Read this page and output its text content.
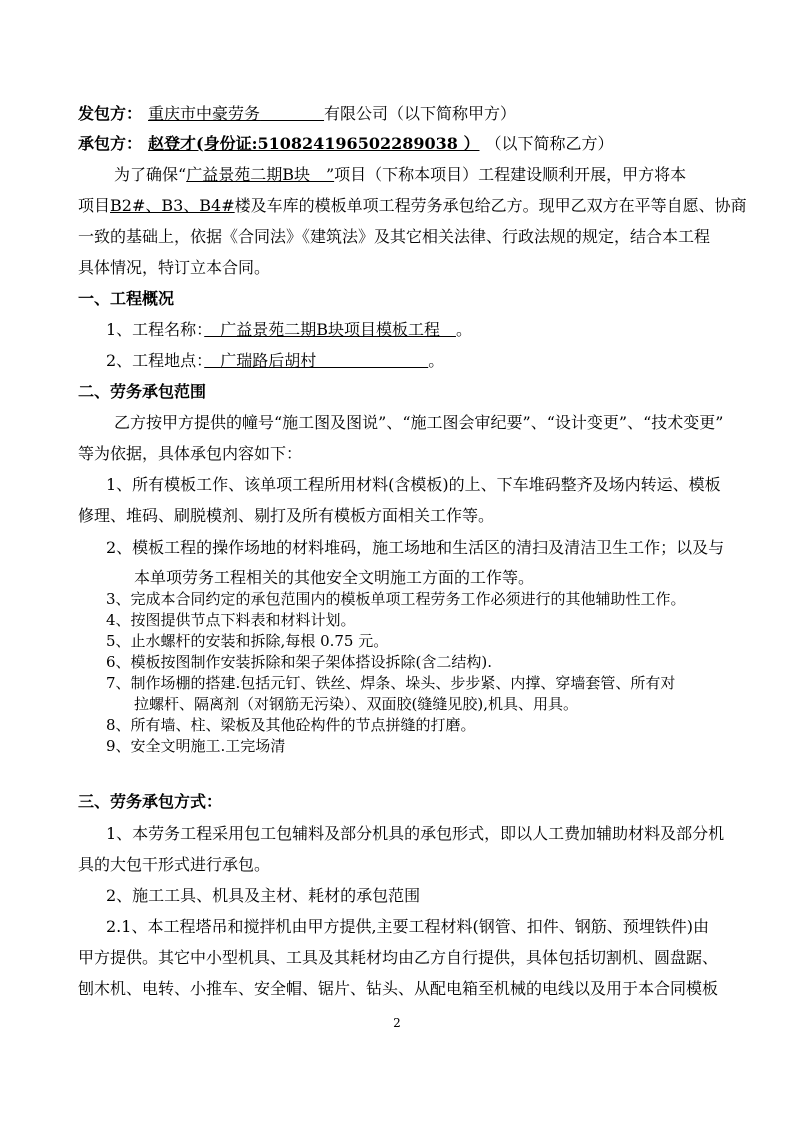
发包方： 重庆市中豪劳务　　　　	有限公司（以下简称甲方）
承包方： 赵登才(身份证:510824196502289038 ） （以下简称乙方）
为了确保“广益景苑二期B块　”项目（下称本项目）工程建设顺利开展，甲方将本
项目B2#、B3、B4#楼及车库的模板单项工程劳务承包给乙方。现甲乙双方在平等自愿、协商
一致的基础上，依据《合同法》《建筑法》及其它相关法律、行政法规的规定，结合本工程
具体情况，特订立本合同。
一、工程概况
1、工程名称：　广益景苑二期B块项目模板工程　。
2、工程地点：　广瑞路后胡村　　　　　　　。
二、劳务承包范围
乙方按甲方提供的幢号“施工图及图说”、“施工图会审纪要”、“设计变更”、“技术变更”
等为依据，具体承包内容如下：
1、所有模板工作、该单项工程所用材料(含模板)的上、下车堆码整齐及场内转运、模板
修理、堆码、刷脱模剂、剔打及所有模板方面相关工作等。
2、模板工程的操作场地的材料堆码，施工场地和生活区的清扫及清洁卫生工作；以及与
本单项劳务工程相关的其他安全文明施工方面的工作等。
3、完成本合同约定的承包范围内的模板单项工程劳务工作必须进行的其他辅助性工作。
4、按图提供节点下料表和材料计划。
5、止水螺杆的安装和拆除,每根 0.75 元。
6、模板按图制作安装拆除和架子架体搭设拆除(含二结构).
7、制作场棚的搭建.包括元钉、铁丝、焊条、垛头、步步紧、内撑、穿墙套管、所有对
拉螺杆、隔离剂（对钢筋无污染）、双面胶(缝缝见胶),机具、用具。
8、所有墙、柱、梁板及其他砼构件的节点拼缝的打磨。
9、安全文明施工.工完场清
三、劳务承包方式：
1、本劳务工程采用包工包辅料及部分机具的承包形式，即以人工费加辅助材料及部分机
具的大包干形式进行承包。
2、施工工具、机具及主材、耗材的承包范围
2.1、本工程塔吊和搅拌机由甲方提供,主要工程材料(钢管、扣件、钢筋、预埋铁件)由
甲方提供。其它中小型机具、工具及其耗材均由乙方自行提供，具体包括切割机、圆盘踞、
刨木机、电转、小推车、安全帽、锯片、钻头、从配电箱至机械的电线以及用于本合同模板
2
